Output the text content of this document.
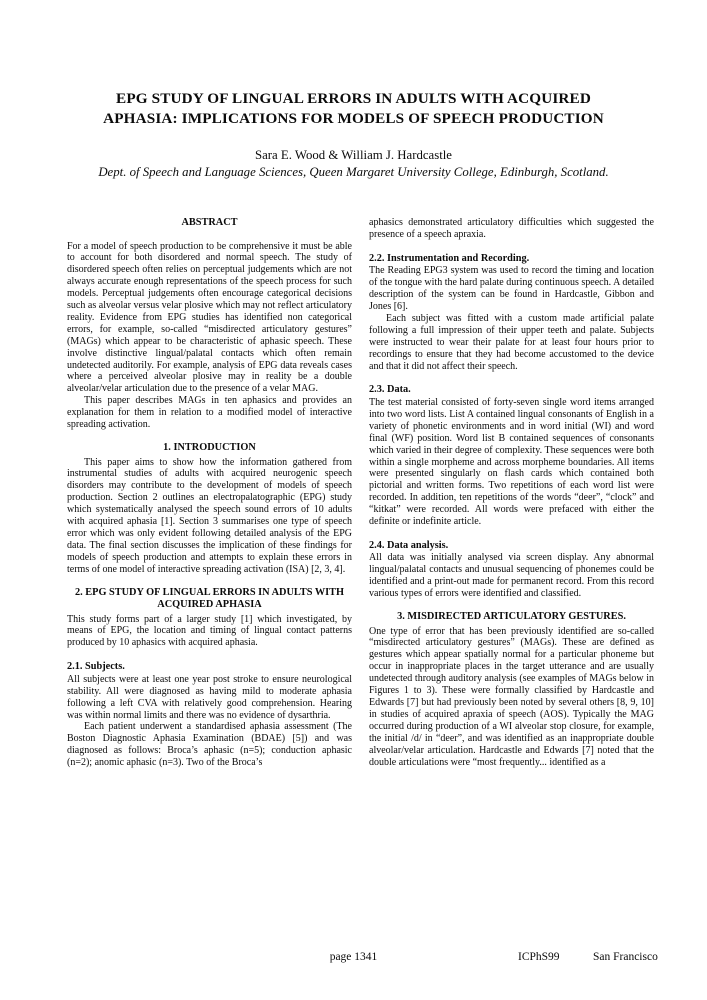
EPG STUDY OF LINGUAL ERRORS IN ADULTS WITH ACQUIRED
APHASIA: IMPLICATIONS FOR MODELS OF SPEECH PRODUCTION
Sara E. Wood & William J. Hardcastle
Dept. of Speech and Language Sciences, Queen Margaret University College, Edinburgh, Scotland.
ABSTRACT
For a model of speech production to be comprehensive it must be able to account for both disordered and normal speech. The study of disordered speech often relies on perceptual judgements which are not always accurate enough representations of the speech process for such models. Perceptual judgements often encourage categorical decisions such as alveolar versus velar plosive which may not reflect articulatory reality. Evidence from EPG studies has identified non categorical errors, for example, so-called “misdirected articulatory gestures” (MAGs) which appear to be characteristic of aphasic speech. These involve distinctive lingual/palatal contacts which often remain undetected auditorily. For example, analysis of EPG data reveals cases where a perceived alveolar plosive may in reality be a double alveolar/velar articulation due to the presence of a velar MAG.
This paper describes MAGs in ten aphasics and provides an explanation for them in relation to a modified model of interactive spreading activation.
1. INTRODUCTION
This paper aims to show how the information gathered from instrumental studies of adults with acquired neurogenic speech disorders may contribute to the development of models of speech production. Section 2 outlines an electropalatographic (EPG) study which systematically analysed the speech sound errors of 10 adults with acquired aphasia [1]. Section 3 summarises one type of speech error which was only evident following detailed analysis of the EPG data. The final section discusses the implication of these findings for models of speech production and attempts to explain these errors in terms of one model of interactive spreading activation (ISA) [2, 3, 4].
2. EPG STUDY OF LINGUAL ERRORS IN ADULTS WITH ACQUIRED APHASIA
This study forms part of a larger study [1] which investigated, by means of EPG, the location and timing of lingual contact patterns produced by 10 aphasics with acquired aphasia.
2.1. Subjects.
All subjects were at least one year post stroke to ensure neurological stability. All were diagnosed as having mild to moderate aphasia following a left CVA with relatively good comprehension. Hearing was within normal limits and there was no evidence of dysarthria.
Each patient underwent a standardised aphasia assessment (The Boston Diagnostic Aphasia Examination (BDAE) [5]) and was diagnosed as follows: Broca’s aphasic (n=5); conduction aphasic (n=2); anomic aphasic (n=3). Two of the Broca’s
aphasics demonstrated articulatory difficulties which suggested the presence of a speech apraxia.
2.2. Instrumentation and Recording.
The Reading EPG3 system was used to record the timing and location of the tongue with the hard palate during continuous speech. A detailed description of the system can be found in Hardcastle, Gibbon and Jones [6].
Each subject was fitted with a custom made artificial palate following a full impression of their upper teeth and palate. Subjects were instructed to wear their palate for at least four hours prior to recordings to ensure that they had become accustomed to the device and that it did not affect their speech.
2.3. Data.
The test material consisted of forty-seven single word items arranged into two word lists. List A contained lingual consonants of English in a variety of phonetic environments and in word initial (WI) and word final (WF) position. Word list B contained sequences of consonants which varied in their degree of complexity. These sequences were both within a single morpheme and across morpheme boundaries. All items were presented singularly on flash cards which contained both pictorial and written forms. Two repetitions of each word list were recorded. In addition, ten repetitions of the words “deer”, “clock” and “kitkat” were recorded. All words were prefaced with either the definite or indefinite article.
2.4. Data analysis.
All data was initially analysed via screen display. Any abnormal lingual/palatal contacts and unusual sequencing of phonemes could be identified and a print-out made for permanent record. From this record various types of errors were identified and classified.
3. MISDIRECTED ARTICULATORY GESTURES.
One type of error that has been previously identified are so-called “misdirected articulatory gestures” (MAGs). These are defined as gestures which appear spatially normal for a particular phoneme but occur in inappropriate places in the target utterance and are usually undetected through auditory analysis (see examples of MAGs below in Figures 1 to 3). These were formally classified by Hardcastle and Edwards [7] but had previously been noted by several others [8, 9, 10] in studies of acquired apraxia of speech (AOS). Typically the MAG occurred during production of a WI alveolar stop closure, for example, the initial /d/ in “deer”, and was identified as an inappropriate double alveolar/velar articulation. Hardcastle and Edwards [7] noted that the double articulations were “most frequently... identified as a
page 1341	ICPhS99	San Francisco
